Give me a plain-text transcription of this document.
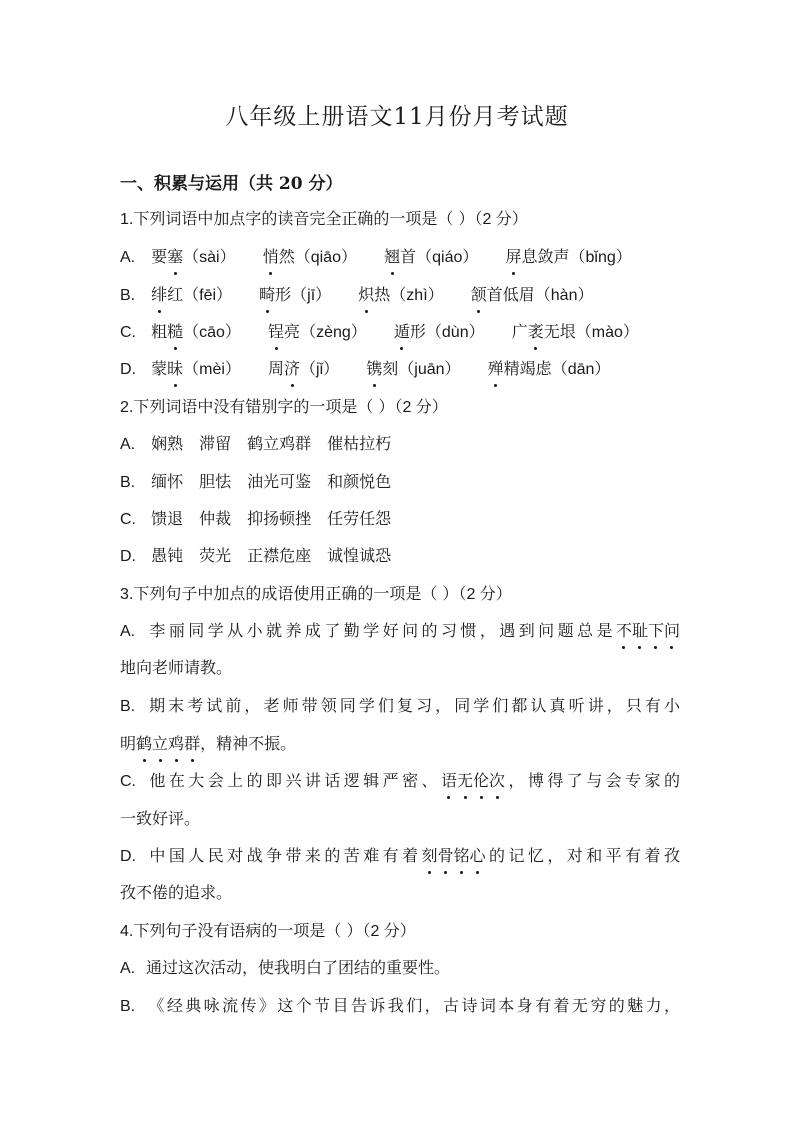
八年级上册语文11月份月考试题
一、积累与运用（共 20 分）
1.下列词语中加点字的读音完全正确的一项是（ ）（2 分）
A. 要塞（sài） 悄然（qiāo） 翘首（qiáo） 屏息敛声（bǐng）
B. 绯红（fēi） 畸形（jī） 炽热（zhì） 颔首低眉（hàn）
C. 粗糙（cāo） 锃亮（zèng） 遁形（dùn） 广袤无垠（mào）
D. 蒙昧（mèi） 周济（jǐ） 镌刻（juān） 殚精竭虑（dān）
2.下列词语中没有错别字的一项是（ ）（2 分）
A. 娴熟 滞留 鹤立鸡群 催枯拉朽
B. 缅怀 胆怯 油光可鉴 和颜悦色
C. 馈退 仲裁 抑扬顿挫 任劳任怨
D. 愚钝 荧光 正襟危座 诚惶诚恐
3.下列句子中加点的成语使用正确的一项是（ ）（2 分）
A. 李丽同学从小就养成了勤学好问的习惯，遇到问题总是不耻下问
地向老师请教。
B. 期末考试前，老师带领同学们复习，同学们都认真听讲，只有小
明鹤立鸡群，精神不振。
C. 他在大会上的即兴讲话逻辑严密、语无伦次，博得了与会专家的
一致好评。
D. 中国人民对战争带来的苦难有着刻骨铭心的记忆，对和平有着孜
孜不倦的追求。
4.下列句子没有语病的一项是（ ）（2 分）
A. 通过这次活动，使我明白了团结的重要性。
B. 《经典咏流传》这个节目告诉我们，古诗词本身有着无穷的魅力，
